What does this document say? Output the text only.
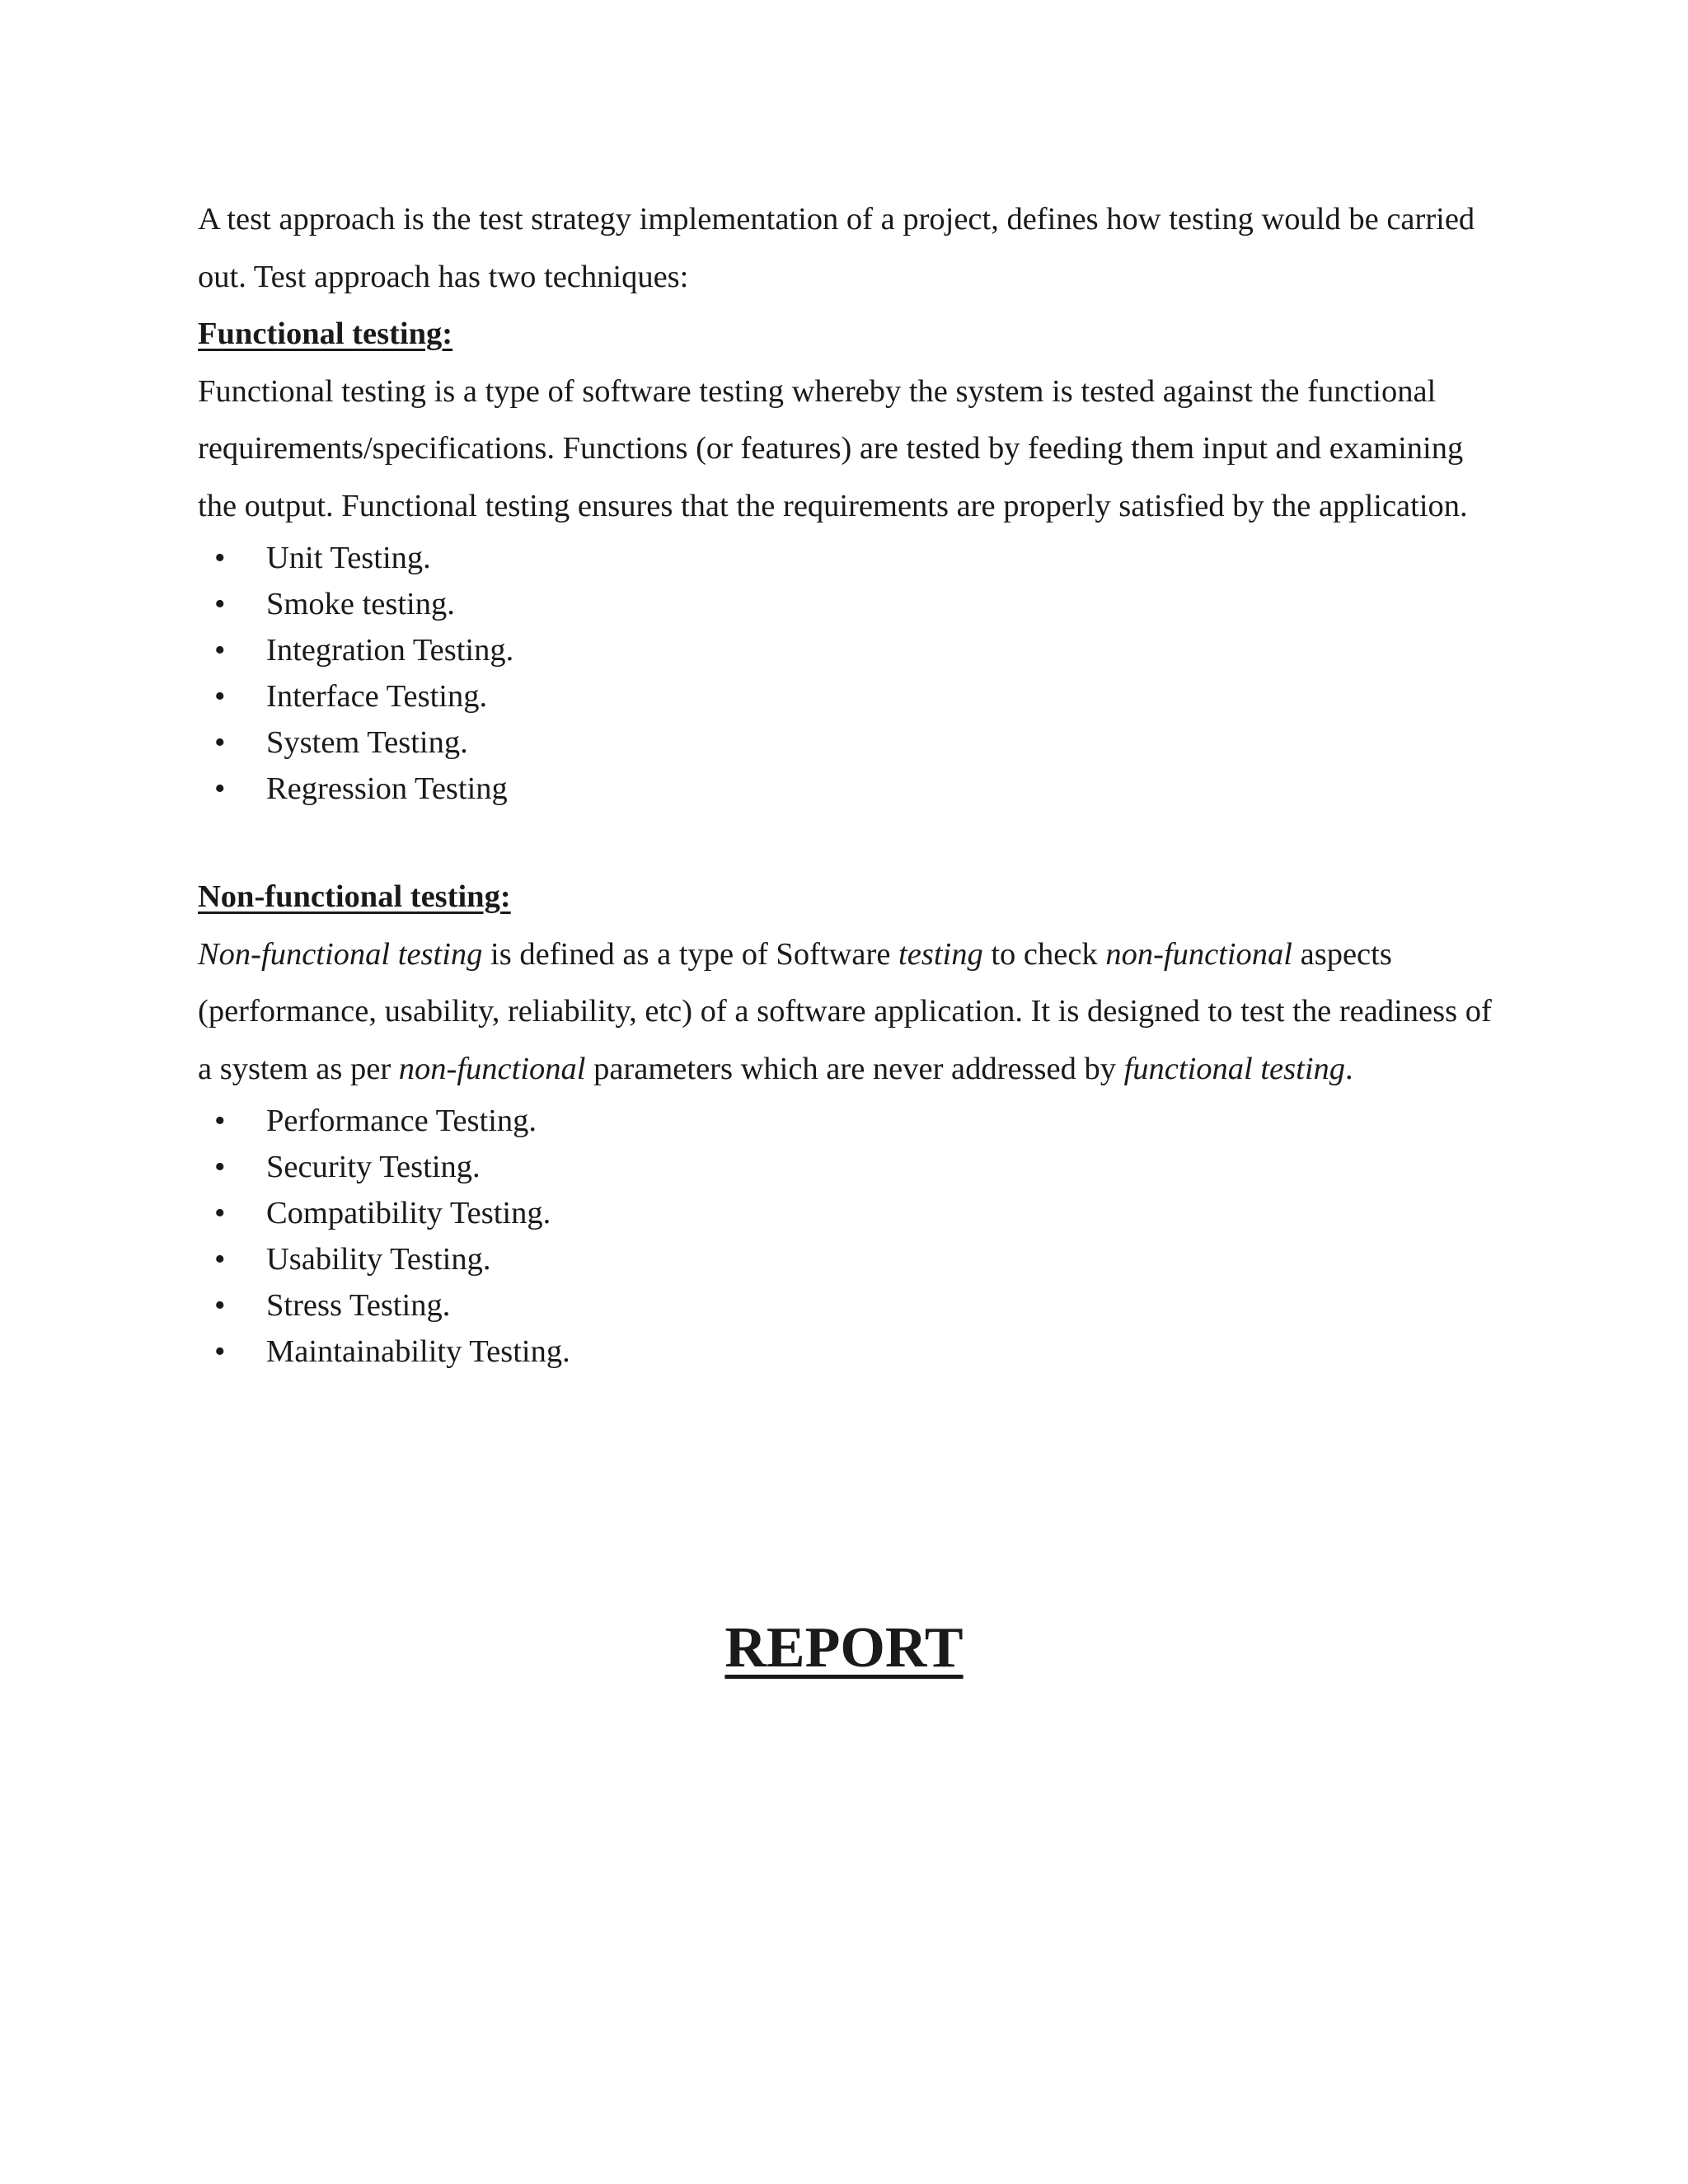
A test approach is the test strategy implementation of a project, defines how testing would be carried out. Test approach has two techniques:

Functional testing:

Functional testing is a type of software testing whereby the system is tested against the functional requirements/specifications. Functions (or features) are tested by feeding them input and examining the output. Functional testing ensures that the requirements are properly satisfied by the application.

• Unit Testing.
• Smoke testing.
• Integration Testing.
• Interface Testing.
• System Testing.
• Regression Testing
Non-functional testing:

Non-functional testing is defined as a type of Software testing to check non-functional aspects (performance, usability, reliability, etc) of a software application. It is designed to test the readiness of a system as per non-functional parameters which are never addressed by functional testing.

• Performance Testing.
• Security Testing.
• Compatibility Testing.
• Usability Testing.
• Stress Testing.
• Maintainability Testing.
REPORT
